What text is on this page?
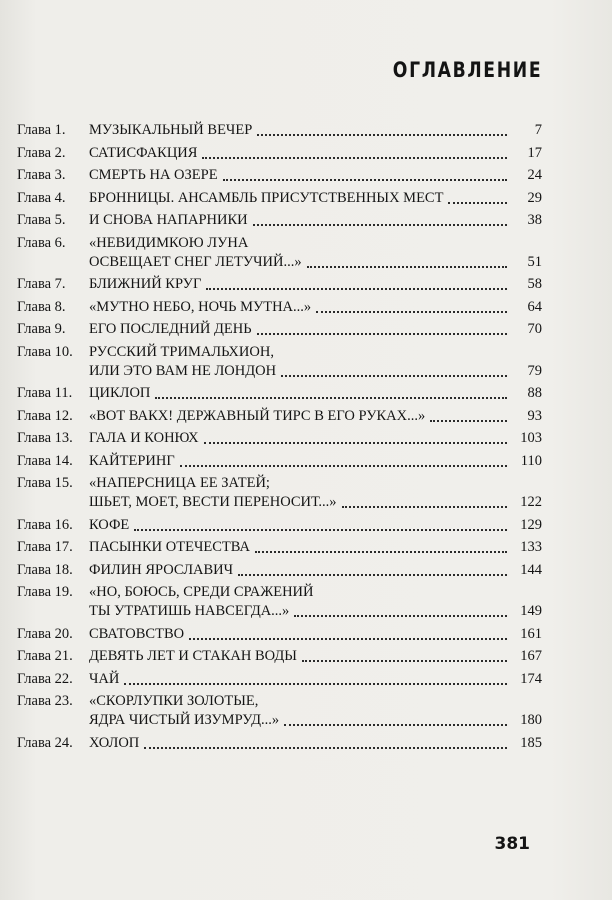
ОГЛАВЛЕНИЕ
Глава 1.	МУЗЫКАЛЬНЫЙ ВЕЧЕР	7
Глава 2.	САТИСФАКЦИЯ	17
Глава 3.	СМЕРТЬ НА ОЗЕРЕ	24
Глава 4.	БРОННИЦЫ. АНСАМБЛЬ ПРИСУТСТВЕННЫХ МЕСТ	29
Глава 5.	И СНОВА НАПАРНИКИ	38
Глава 6.	«НЕВИДИМКОЮ ЛУНА
ОСВЕЩАЕТ СНЕГ ЛЕТУЧИЙ...»	51
Глава 7.	БЛИЖНИЙ КРУГ	58
Глава 8.	«МУТНО НЕБО, НОЧЬ МУТНА...»	64
Глава 9.	ЕГО ПОСЛЕДНИЙ ДЕНЬ	70
Глава 10.	РУССКИЙ ТРИМАЛЬХИОН,
ИЛИ ЭТО ВАМ НЕ ЛОНДОН	79
Глава 11.	ЦИКЛОП	88
Глава 12.	«ВОТ ВАКХ! ДЕРЖАВНЫЙ ТИРС В ЕГО РУКАХ...»	93
Глава 13.	ГАЛА И КОНЮХ	103
Глава 14.	КАЙТЕРИНГ	110
Глава 15.	«НАПЕРСНИЦА ЕЕ ЗАТЕЙ;
ШЬЕТ, МОЕТ, ВЕСТИ ПЕРЕНОСИТ...»	122
Глава 16.	КОФЕ	129
Глава 17.	ПАСЫНКИ ОТЕЧЕСТВА	133
Глава 18.	ФИЛИН ЯРОСЛАВИЧ	144
Глава 19.	«НО, БОЮСЬ, СРЕДИ СРАЖЕНИЙ
ТЫ УТРАТИШЬ НАВСЕГДА...»	149
Глава 20.	СВАТОВСТВО	161
Глава 21.	ДЕВЯТЬ ЛЕТ И СТАКАН ВОДЫ	167
Глава 22.	ЧАЙ	174
Глава 23.	«СКОРЛУПКИ ЗОЛОТЫЕ,
ЯДРА ЧИСТЫЙ ИЗУМРУД...»	180
Глава 24.	ХОЛОП	185

381
